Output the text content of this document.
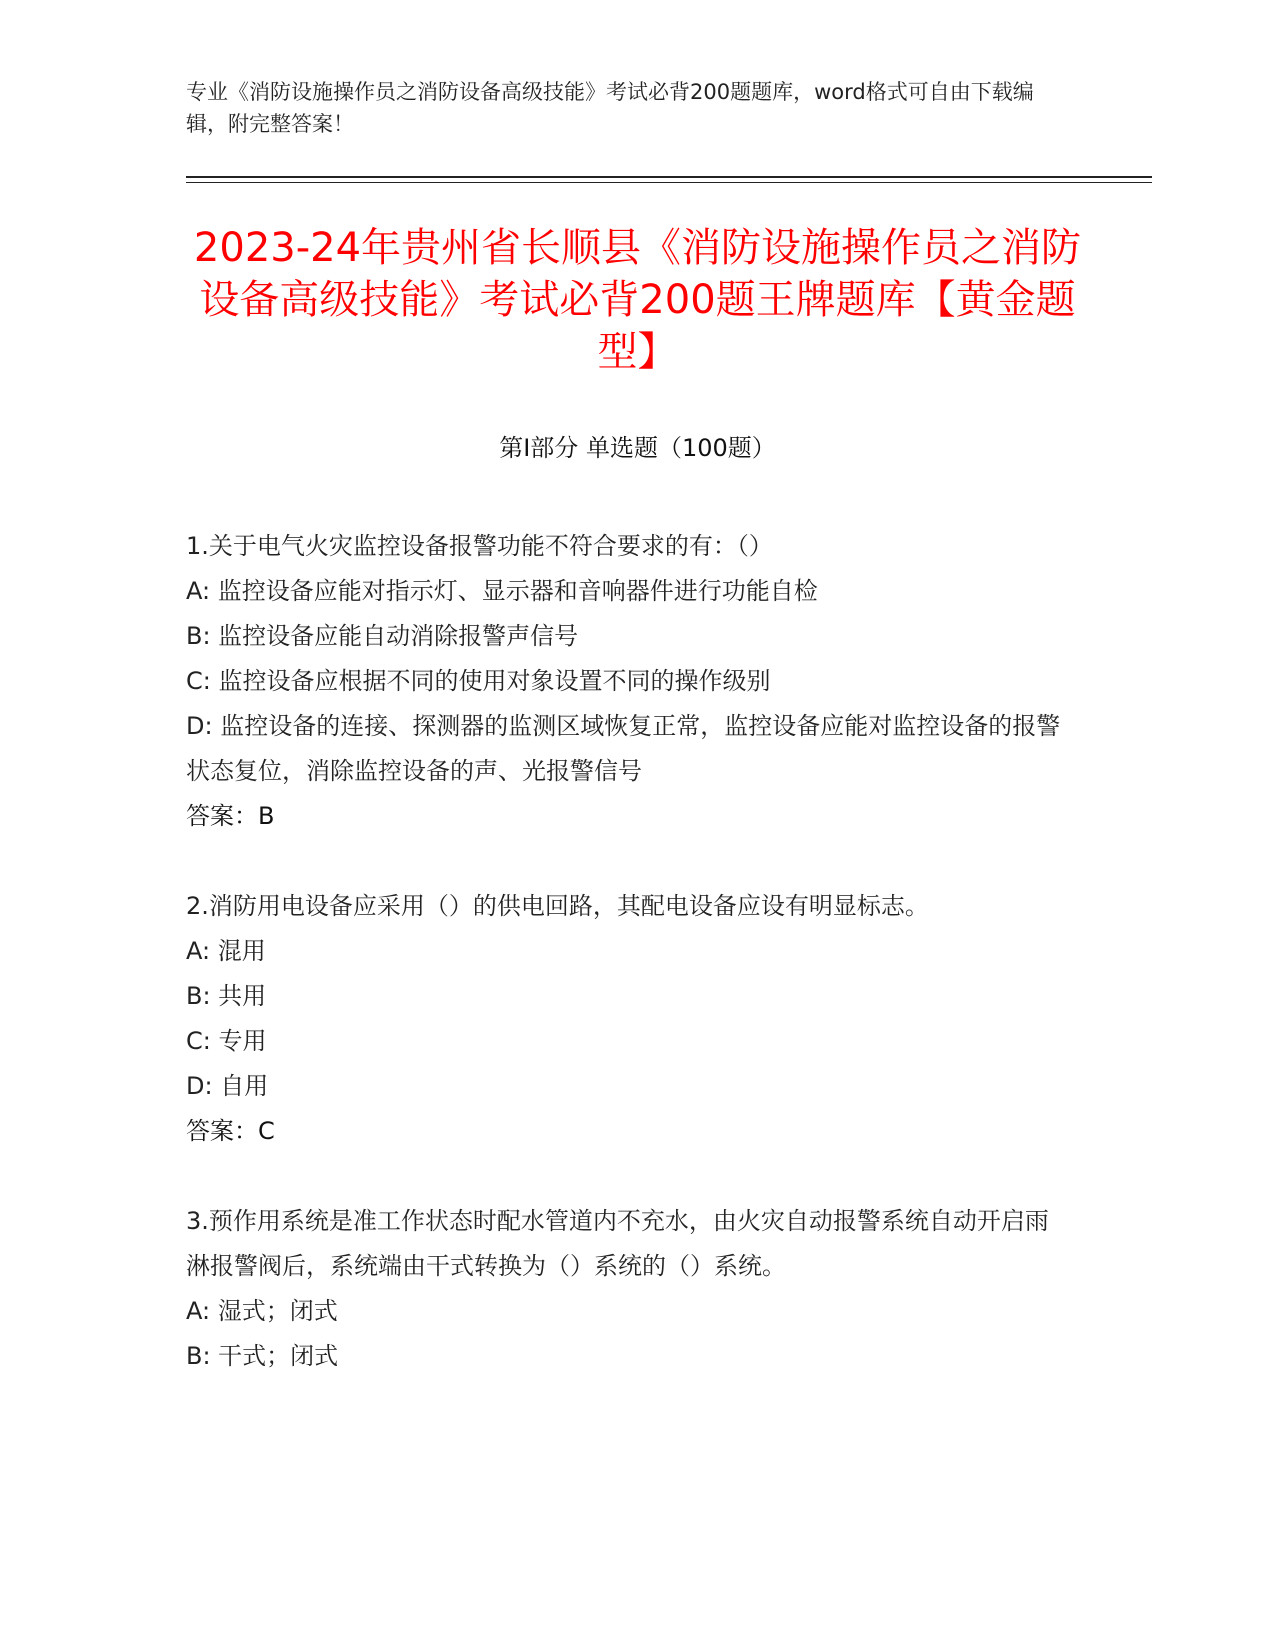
专业《消防设施操作员之消防设备高级技能》考试必背200题题库，word格式可自由下载编辑，附完整答案！
2023-24年贵州省长顺县《消防设施操作员之消防设备高级技能》考试必背200题王牌题库【黄金题型】
第I部分 单选题（100题）

1.关于电气火灾监控设备报警功能不符合要求的有：（）

A: 监控设备应能对指示灯、显示器和音响器件进行功能自检

B: 监控设备应能自动消除报警声信号

C: 监控设备应根据不同的使用对象设置不同的操作级别

D: 监控设备的连接、探测器的监测区域恢复正常，监控设备应能对监控设备的报警状态复位，消除监控设备的声、光报警信号

答案：B

2.消防用电设备应采用（）的供电回路，其配电设备应设有明显标志。

A: 混用

B: 共用

C: 专用

D: 自用

答案：C

3.预作用系统是准工作状态时配水管道内不充水，由火灾自动报警系统自动开启雨淋报警阀后，系统端由干式转换为（）系统的（）系统。

A: 湿式；闭式

B: 干式；闭式
